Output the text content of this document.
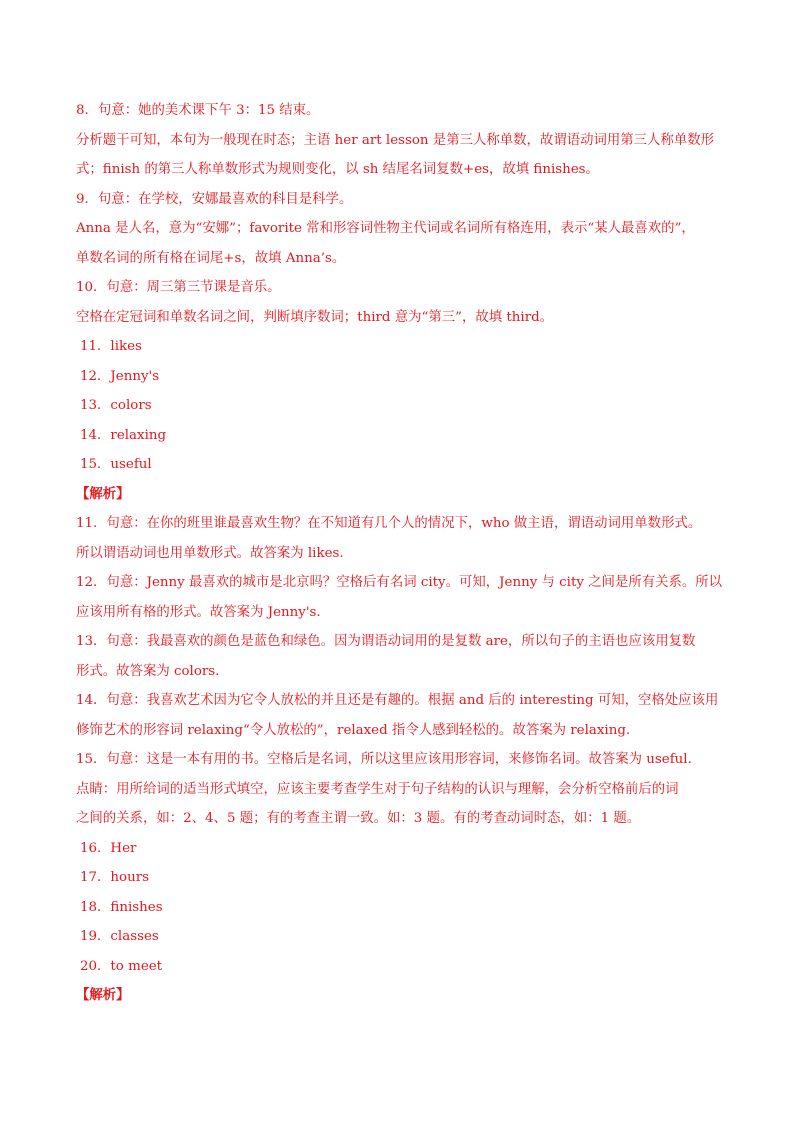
8．句意：她的美术课下午 3：15 结束。
分析题干可知，本句为一般现在时态；主语 her art lesson 是第三人称单数，故谓语动词用第三人称单数形
式；finish 的第三人称单数形式为规则变化，以 sh 结尾名词复数+es，故填 finishes。
9．句意：在学校，安娜最喜欢的科目是科学。
Anna 是人名，意为“安娜”；favorite 常和形容词性物主代词或名词所有格连用，表示“某人最喜欢的”，
单数名词的所有格在词尾+s，故填 Anna’s。
10．句意：周三第三节课是音乐。
空格在定冠词和单数名词之间，判断填序数词；third 意为“第三”，故填 third。
11．likes
12．Jenny's
13．colors
14．relaxing
15．useful
【解析】
11．句意：在你的班里谁最喜欢生物？在不知道有几个人的情况下，who 做主语，谓语动词用单数形式。
所以谓语动词也用单数形式。故答案为 likes.
12．句意：Jenny 最喜欢的城市是北京吗？空格后有名词 city。可知，Jenny 与 city 之间是所有关系。所以
应该用所有格的形式。故答案为 Jenny's.
13．句意：我最喜欢的颜色是蓝色和绿色。因为谓语动词用的是复数 are，所以句子的主语也应该用复数
形式。故答案为 colors.
14．句意：我喜欢艺术因为它令人放松的并且还是有趣的。根据 and 后的 interesting 可知，空格处应该用
修饰艺术的形容词 relaxing“令人放松的”，relaxed 指令人感到轻松的。故答案为 relaxing.
15．句意：这是一本有用的书。空格后是名词，所以这里应该用形容词，来修饰名词。故答案为 useful.
点睛：用所给词的适当形式填空，应该主要考查学生对于句子结构的认识与理解，会分析空格前后的词
之间的关系，如：2、4、5 题；有的考查主谓一致。如：3 题。有的考查动词时态，如：1 题。
16．Her
17．hours
18．finishes
19．classes
20．to meet
【解析】
